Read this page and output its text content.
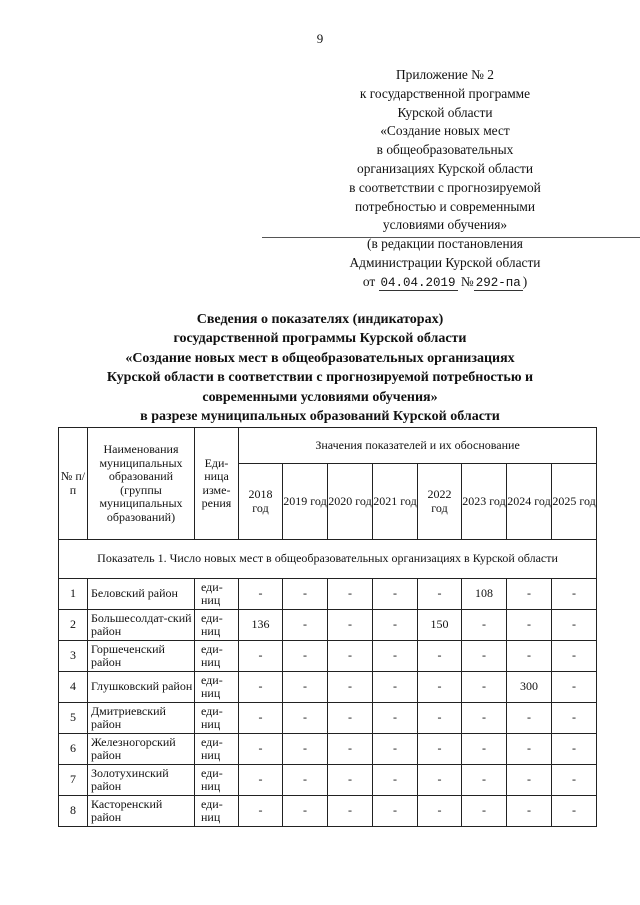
9
Приложение № 2
к государственной программе
Курской области
«Создание новых мест
в общеобразовательных
организациях Курской области
в соответствии с прогнозируемой
потребностью и современными
условиями обучения»
(в редакции постановления
Администрации Курской области
от 04.04.2019 № 292-па )
Сведения о показателях (индикаторах)
государственной программы Курской области
«Создание новых мест в общеобразовательных организациях
Курской области в соответствии с прогнозируемой потребностью и
современными условиями обучения»
в разрезе муниципальных образований Курской области
№ п/п	Наименования муниципальных образований (группы муниципальных образований)	Еди-ница изме-рения	Значения показателей и их обоснование							
			2018 год	2019 год	2020 год	2021 год	2022 год	2023 год	2024 год	2025 год
Показатель 1. Число новых мест в общеобразовательных организациях в Курской области										
1	Беловский район	еди-ниц	-	-	-	-	-	108	-	-
2	Большесолдат-ский район	еди-ниц	136	-	-	-	150	-	-	-
3	Горшеченский район	еди-ниц	-	-	-	-	-	-	-	-
4	Глушковский район	еди-ниц	-	-	-	-	-	-	300	-
5	Дмитриевский район	еди-ниц	-	-	-	-	-	-	-	-
6	Железногорский район	еди-ниц	-	-	-	-	-	-	-	-
7	Золотухинский район	еди-ниц	-	-	-	-	-	-	-	-
8	Касторенский район	еди-ниц	-	-	-	-	-	-	-	-
